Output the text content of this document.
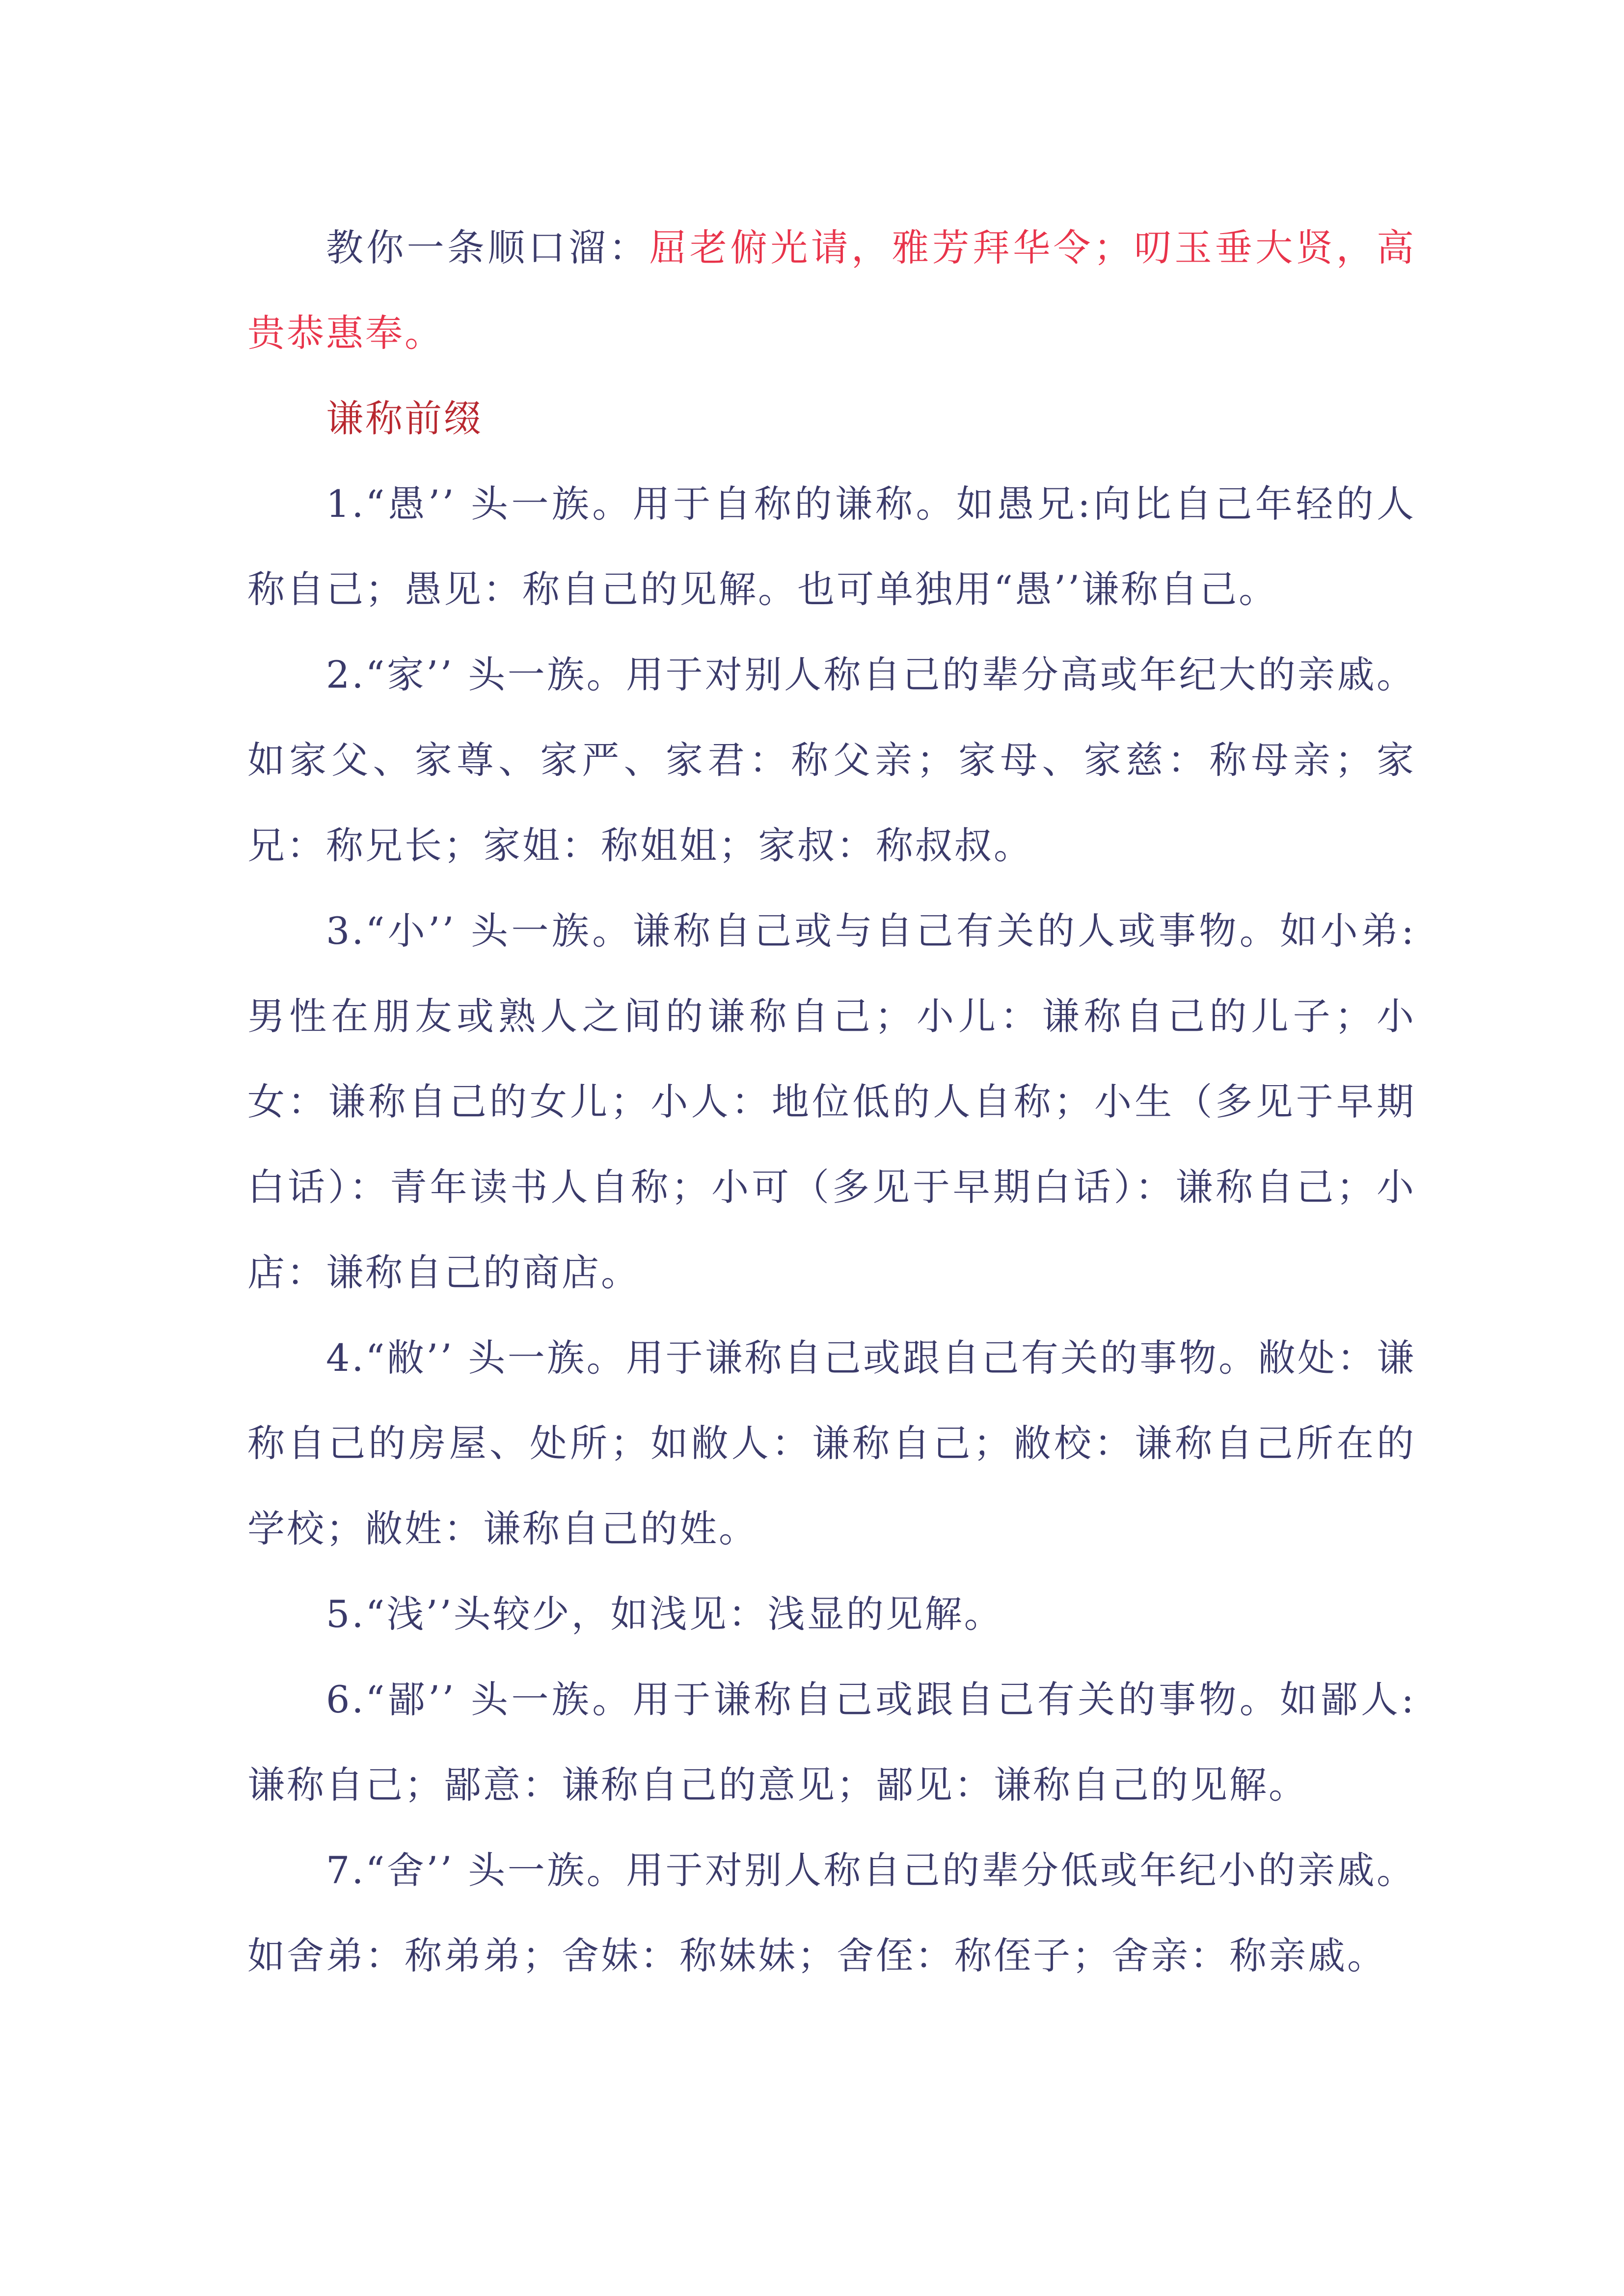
教你一条顺口溜：屈老俯光请，雅芳拜华令；叨玉垂大贤，高贵恭惠奉。

谦称前缀

1.“愚’’ 头一族。用于自称的谦称。如愚兄:向比自己年轻的人称自己；愚见：称自己的见解。也可单独用“愚’’谦称自己。

2.“家’’ 头一族。用于对别人称自己的辈分高或年纪大的亲戚。如家父、家尊、家严、家君：称父亲；家母、家慈：称母亲；家兄：称兄长；家姐：称姐姐；家叔：称叔叔。

3.“小’’ 头一族。谦称自己或与自己有关的人或事物。如小弟:男性在朋友或熟人之间的谦称自己；小儿：谦称自己的儿子；小女：谦称自己的女儿；小人：地位低的人自称；小生（多见于早期白话）：青年读书人自称；小可（多见于早期白话）：谦称自己；小店：谦称自己的商店。

4.“敝’’ 头一族。用于谦称自己或跟自己有关的事物。敝处：谦称自己的房屋、处所；如敝人：谦称自己；敝校：谦称自己所在的学校；敝姓：谦称自己的姓。

5.“浅’’头较少，如浅见：浅显的见解。

6.“鄙’’ 头一族。用于谦称自己或跟自己有关的事物。如鄙人:谦称自己；鄙意：谦称自己的意见；鄙见：谦称自己的见解。

7.“舍’’ 头一族。用于对别人称自己的辈分低或年纪小的亲戚。如舍弟：称弟弟；舍妹：称妹妹；舍侄：称侄子；舍亲：称亲戚。
